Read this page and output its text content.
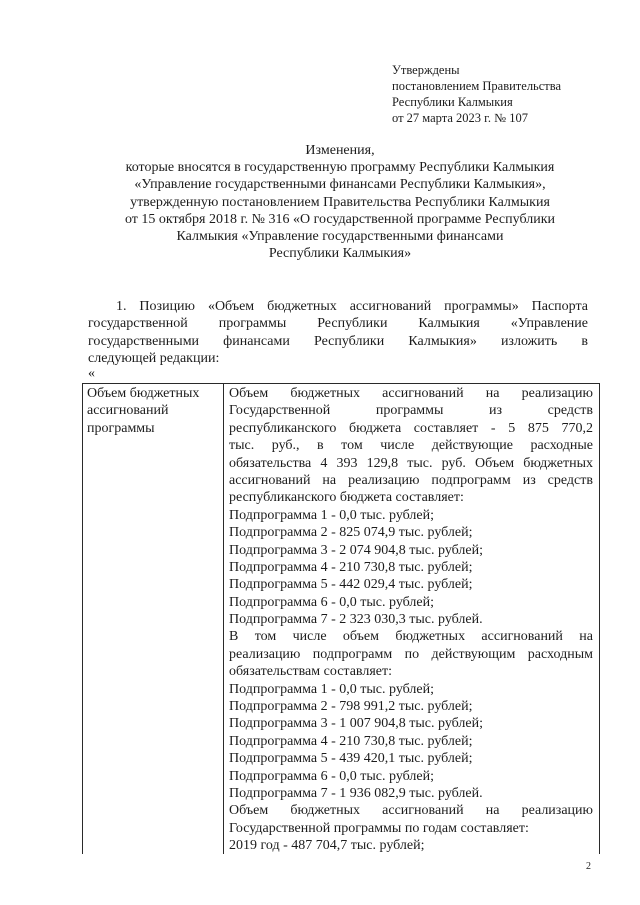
Утверждены
постановлением Правительства
Республики Калмыкия
от 27 марта 2023 г. № 107
Изменения,
которые вносятся в государственную программу Республики Калмыкия
«Управление государственными финансами Республики Калмыкия»,
утвержденную постановлением Правительства Республики Калмыкия
от 15 октября 2018 г. № 316 «О государственной программе Республики
Калмыкия «Управление государственными финансами
Республики Калмыкия»
1. Позицию «Объем бюджетных ассигнований программы» Паспорта
государственной программы Республики Калмыкия «Управление
государственными финансами Республики Калмыкия» изложить в
следующей редакции:
«
Объем бюджетных
ассигнований
программы
Объем бюджетных ассигнований на реализацию
Государственной программы из средств
республиканского бюджета составляет - 5 875 770,2
тыс. руб., в том числе действующие расходные
обязательства 4 393 129,8 тыс. руб. Объем бюджетных
ассигнований на реализацию подпрограмм из средств
республиканского бюджета составляет:
Подпрограмма 1 - 0,0 тыс. рублей;
Подпрограмма 2 - 825 074,9 тыс. рублей;
Подпрограмма 3 - 2 074 904,8 тыс. рублей;
Подпрограмма 4 - 210 730,8 тыс. рублей;
Подпрограмма 5 - 442 029,4 тыс. рублей;
Подпрограмма 6 - 0,0 тыс. рублей;
Подпрограмма 7 - 2 323 030,3 тыс. рублей.
В том числе объем бюджетных ассигнований на
реализацию подпрограмм по действующим расходным
обязательствам составляет:
Подпрограмма 1 - 0,0 тыс. рублей;
Подпрограмма 2 - 798 991,2 тыс. рублей;
Подпрограмма 3 - 1 007 904,8 тыс. рублей;
Подпрограмма 4 - 210 730,8 тыс. рублей;
Подпрограмма 5 - 439 420,1 тыс. рублей;
Подпрограмма 6 - 0,0 тыс. рублей;
Подпрограмма 7 - 1 936 082,9 тыс. рублей.
Объем бюджетных ассигнований на реализацию
Государственной программы по годам составляет:
2019 год - 487 704,7 тыс. рублей;
2
